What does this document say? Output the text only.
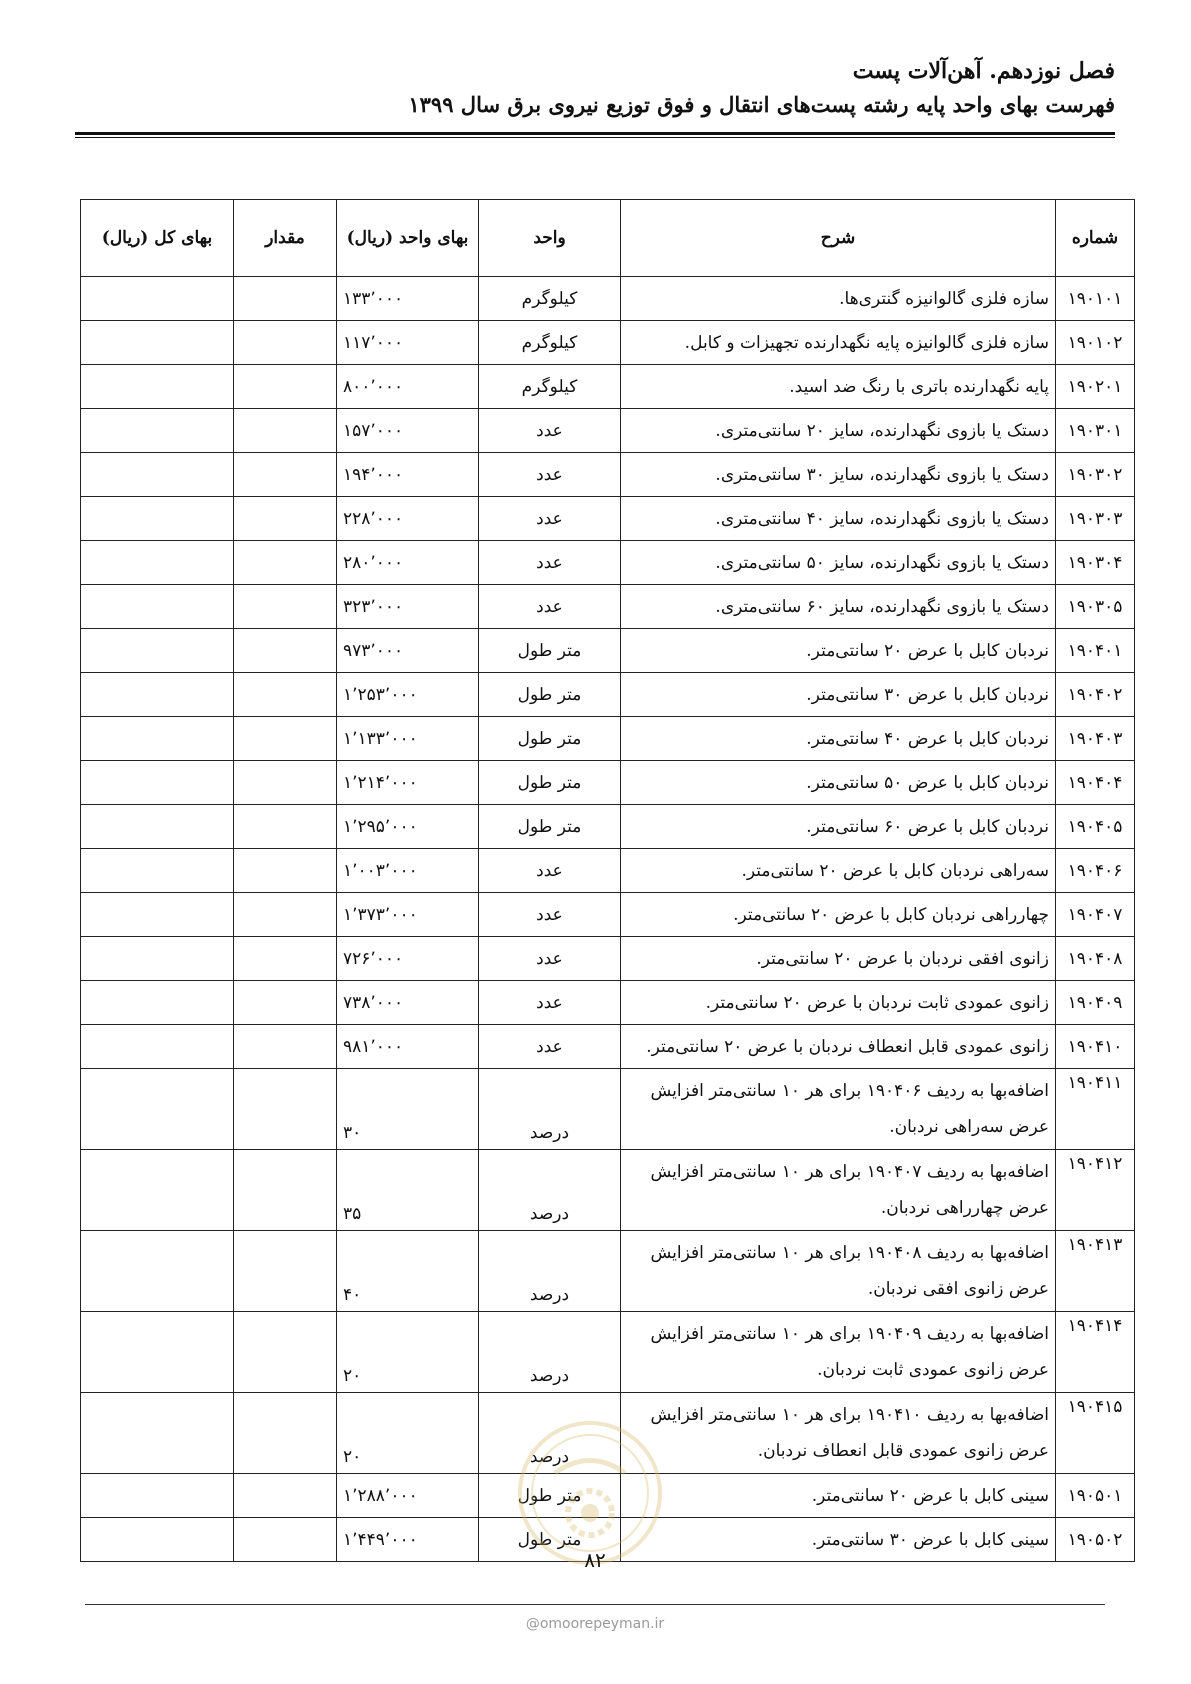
فصل نوزدهم. آهن‌آلات پست
فهرست بهای واحد پایه رشته پست‌های انتقال و فوق توزیع نیروی برق سال ۱۳۹۹
شماره	شرح	واحد	بهای واحد (ریال)	مقدار	بهای کل (ریال)
۱۹۰۱۰۱	سازه فلزی گالوانیزه گنتری‌ها.	کیلوگرم	۱۳۳٬۰۰۰		
۱۹۰۱۰۲	سازه فلزی گالوانیزه پایه نگهدارنده تجهیزات و کابل.	کیلوگرم	۱۱۷٬۰۰۰		
۱۹۰۲۰۱	پایه نگهدارنده باتری با رنگ ضد اسید.	کیلوگرم	۸۰۰٬۰۰۰		
۱۹۰۳۰۱	دستک یا بازوی نگهدارنده، سایز ۲۰ سانتی‌متری.	عدد	۱۵۷٬۰۰۰		
۱۹۰۳۰۲	دستک یا بازوی نگهدارنده، سایز ۳۰ سانتی‌متری.	عدد	۱۹۴٬۰۰۰		
۱۹۰۳۰۳	دستک یا بازوی نگهدارنده، سایز ۴۰ سانتی‌متری.	عدد	۲۲۸٬۰۰۰		
۱۹۰۳۰۴	دستک یا بازوی نگهدارنده، سایز ۵۰ سانتی‌متری.	عدد	۲۸۰٬۰۰۰		
۱۹۰۳۰۵	دستک یا بازوی نگهدارنده، سایز ۶۰ سانتی‌متری.	عدد	۳۲۳٬۰۰۰		
۱۹۰۴۰۱	نردبان کابل با عرض ۲۰ سانتی‌متر.	متر طول	۹۷۳٬۰۰۰		
۱۹۰۴۰۲	نردبان کابل با عرض ۳۰ سانتی‌متر.	متر طول	۱٬۲۵۳٬۰۰۰		
۱۹۰۴۰۳	نردبان کابل با عرض ۴۰ سانتی‌متر.	متر طول	۱٬۱۳۳٬۰۰۰		
۱۹۰۴۰۴	نردبان کابل با عرض ۵۰ سانتی‌متر.	متر طول	۱٬۲۱۴٬۰۰۰		
۱۹۰۴۰۵	نردبان کابل با عرض ۶۰ سانتی‌متر.	متر طول	۱٬۲۹۵٬۰۰۰		
۱۹۰۴۰۶	سه‌راهی نردبان کابل با عرض ۲۰ سانتی‌متر.	عدد	۱٬۰۰۳٬۰۰۰		
۱۹۰۴۰۷	چهارراهی نردبان کابل با عرض ۲۰ سانتی‌متر.	عدد	۱٬۳۷۳٬۰۰۰		
۱۹۰۴۰۸	زانوی افقی نردبان با عرض ۲۰ سانتی‌متر.	عدد	۷۲۶٬۰۰۰		
۱۹۰۴۰۹	زانوی عمودی ثابت نردبان با عرض ۲۰ سانتی‌متر.	عدد	۷۳۸٬۰۰۰		
۱۹۰۴۱۰	زانوی عمودی قابل انعطاف نردبان با عرض ۲۰ سانتی‌متر.	عدد	۹۸۱٬۰۰۰		
۱۹۰۴۱۱	اضافه‌بها به ردیف ۱۹۰۴۰۶ برای هر ۱۰ سانتی‌متر افزایش عرض سه‌راهی نردبان.	درصد	۳۰		
۱۹۰۴۱۲	اضافه‌بها به ردیف ۱۹۰۴۰۷ برای هر ۱۰ سانتی‌متر افزایش عرض چهارراهی نردبان.	درصد	۳۵		
۱۹۰۴۱۳	اضافه‌بها به ردیف ۱۹۰۴۰۸ برای هر ۱۰ سانتی‌متر افزایش عرض زانوی افقی نردبان.	درصد	۴۰		
۱۹۰۴۱۴	اضافه‌بها به ردیف ۱۹۰۴۰۹ برای هر ۱۰ سانتی‌متر افزایش عرض زانوی عمودی ثابت نردبان.	درصد	۲۰		
۱۹۰۴۱۵	اضافه‌بها به ردیف ۱۹۰۴۱۰ برای هر ۱۰ سانتی‌متر افزایش عرض زانوی عمودی قابل انعطاف نردبان.	درصد	۲۰		
۱۹۰۵۰۱	سینی کابل با عرض ۲۰ سانتی‌متر.	متر طول	۱٬۲۸۸٬۰۰۰		
۱۹۰۵۰۲	سینی کابل با عرض ۳۰ سانتی‌متر.	متر طول	۱٬۴۴۹٬۰۰۰		
۸۲
@omoorepeyman.ir
